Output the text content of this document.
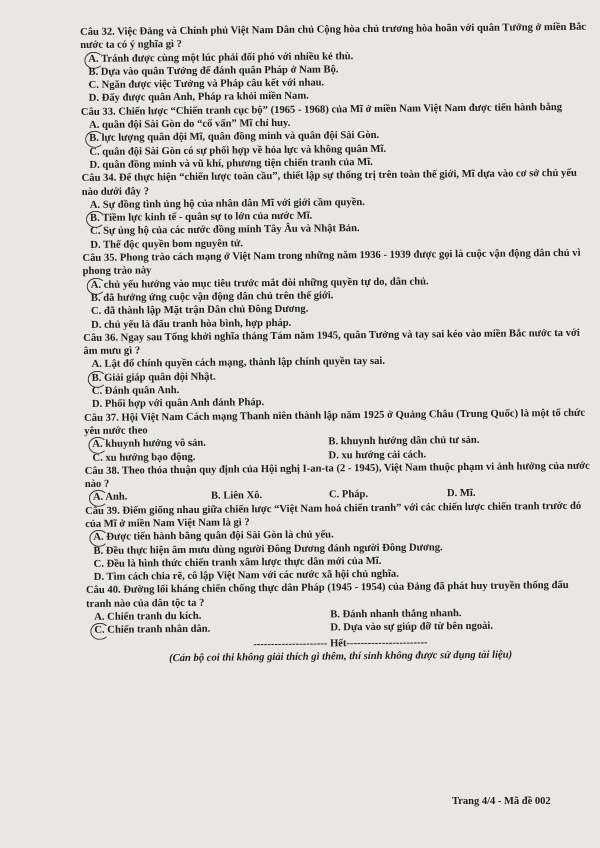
Câu 32. Việc Đảng và Chính phủ Việt Nam Dân chủ Cộng hòa chủ trương hòa hoãn với quân Tưởng ở miền Bắc nước ta có ý nghĩa gì ?
A. Tránh được cùng một lúc phải đối phó với nhiều kẻ thù.
B. Dựa vào quân Tưởng để đánh quân Pháp ở Nam Bộ.
C. Ngăn được việc Tưởng và Pháp câu kết với nhau.
D. Đẩy được quân Anh, Pháp ra khỏi miền Nam.
Câu 33. Chiến lược “Chiến tranh cục bộ” (1965 - 1968) của Mĩ ở miền Nam Việt Nam được tiến hành bằng
A. quân đội Sài Gòn do “cố vấn” Mĩ chỉ huy.
B. lực lượng quân đội Mĩ, quân đồng minh và quân đội Sài Gòn.
C. quân đội Sài Gòn có sự phối hợp về hỏa lực và không quân Mĩ.
D. quân đồng minh và vũ khí, phương tiện chiến tranh của Mĩ.
Câu 34. Để thực hiện “chiến lược toàn cầu”, thiết lập sự thống trị trên toàn thế giới, Mĩ dựa vào cơ sở chủ yếu nào dưới đây ?
A. Sự đồng tình ủng hộ của nhân dân Mĩ với giới cầm quyền.
B. Tiềm lực kinh tế - quân sự to lớn của nước Mĩ.
C. Sự ủng hộ của các nước đồng minh Tây Âu và Nhật Bản.
D. Thế độc quyền bom nguyên tử.
Câu 35. Phong trào cách mạng ở Việt Nam trong những năm 1936 - 1939 được gọi là cuộc vận động dân chủ vì phong trào này
A. chủ yếu hướng vào mục tiêu trước mắt đòi những quyền tự do, dân chủ.
B. đã hưởng ứng cuộc vận động dân chủ trên thế giới.
C. đã thành lập Mặt trận Dân chủ Đông Dương.
D. chủ yếu là đấu tranh hòa bình, hợp pháp.
Câu 36. Ngay sau Tổng khởi nghĩa tháng Tám năm 1945, quân Tưởng và tay sai kéo vào miền Bắc nước ta với âm mưu gì ?
A. Lật đổ chính quyền cách mạng, thành lập chính quyền tay sai.
B. Giải giáp quân đội Nhật.
C. Đánh quân Anh.
D. Phối hợp với quân Anh đánh Pháp.
Câu 37. Hội Việt Nam Cách mạng Thanh niên thành lập năm 1925 ở Quảng Châu (Trung Quốc) là một tổ chức yêu nước theo
A. khuynh hướng vô sản.	B. khuynh hướng dân chủ tư sản.
C. xu hướng bạo động.	D. xu hướng cải cách.
Câu 38. Theo thỏa thuận quy định của Hội nghị I-an-ta (2 - 1945), Việt Nam thuộc phạm vi ảnh hưởng của nước nào ?
A. Anh.	B. Liên Xô.	C. Pháp.	D. Mĩ.
Câu 39. Điểm giống nhau giữa chiến lược “Việt Nam hoá chiến tranh” với các chiến lược chiến tranh trước đó của Mĩ ở miền Nam Việt Nam là gì ?
A. Được tiến hành bằng quân đội Sài Gòn là chủ yếu.
B. Đều thực hiện âm mưu dùng người Đông Dương đánh người Đông Dương.
C. Đều là hình thức chiến tranh xâm lược thực dân mới của Mĩ.
D. Tìm cách chia rẽ, cô lập Việt Nam với các nước xã hội chủ nghĩa.
Câu 40. Đường lối kháng chiến chống thực dân Pháp (1945 - 1954) của Đảng đã phát huy truyền thống đấu tranh nào của dân tộc ta ?
A. Chiến tranh du kích.	B. Đánh nhanh thắng nhanh.
C. Chiến tranh nhân dân.	D. Dựa vào sự giúp đỡ từ bên ngoài.
--------------------- Hết-----------------------
(Cán bộ coi thi không giải thích gì thêm, thí sinh không được sử dụng tài liệu)
Trang 4/4 - Mã đề 002
